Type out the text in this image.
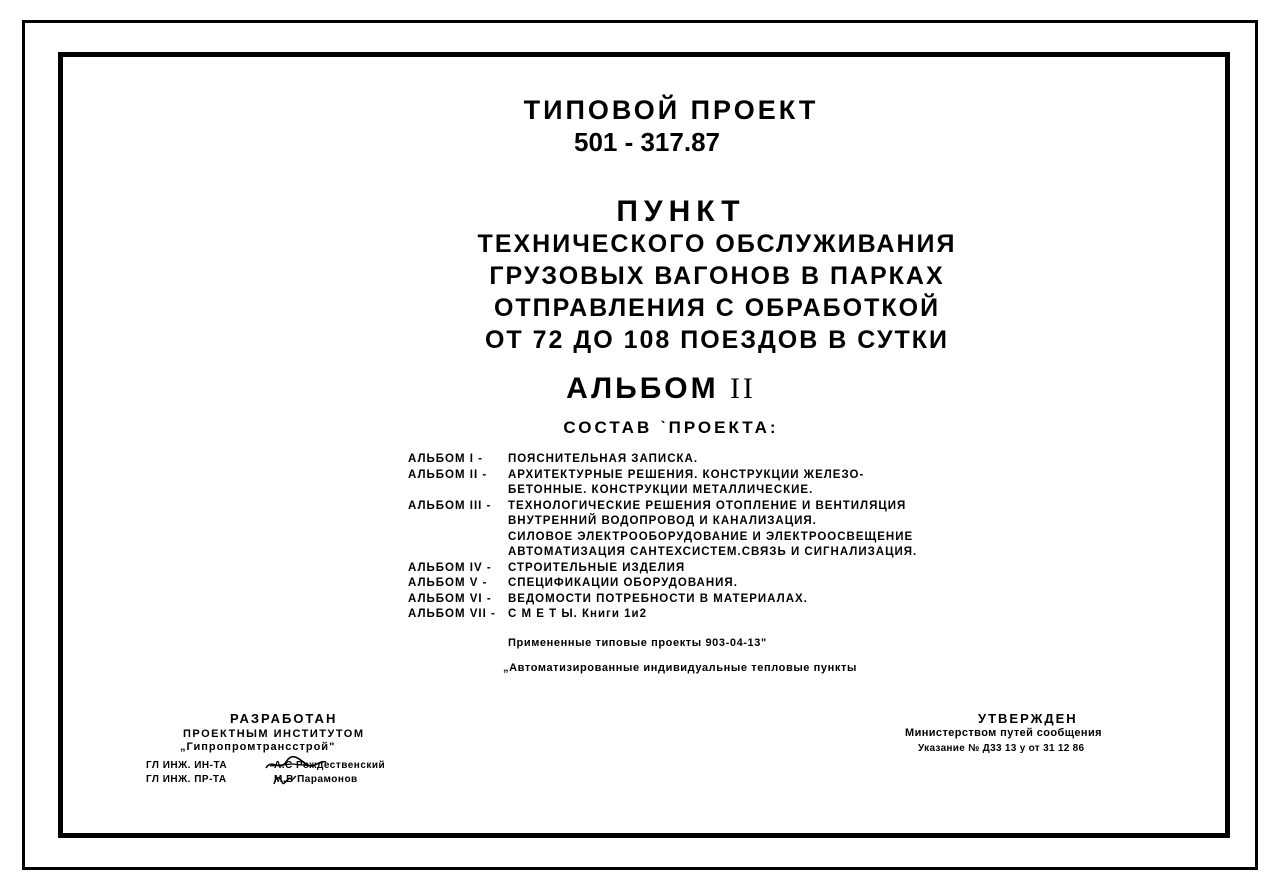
ТИПОВОЙ ПРОЕКТ
501 - 317.87
ПУНКТ
ТЕХНИЧЕСКОГО ОБСЛУЖИВАНИЯ
ГРУЗОВЫХ ВАГОНОВ В ПАРКАХ
ОТПРАВЛЕНИЯ С ОБРАБОТКОЙ
ОТ 72 ДО 108 ПОЕЗДОВ В СУТКИ
АЛЬБОМ II
СОСТАВ ˋПРОЕКТА:
АЛЬБОМ I -	ПОЯСНИТЕЛЬНАЯ ЗАПИСКА.
АЛЬБОМ II -	АРХИТЕКТУРНЫЕ РЕШЕНИЯ. КОНСТРУКЦИИ ЖЕЛЕЗО-
БЕТОННЫЕ. КОНСТРУКЦИИ МЕТАЛЛИЧЕСКИЕ.
АЛЬБОМ III -	ТЕХНОЛОГИЧЕСКИЕ РЕШЕНИЯ ОТОПЛЕНИЕ И ВЕНТИЛЯЦИЯ
ВНУТРЕННИЙ ВОДОПРОВОД И КАНАЛИЗАЦИЯ.
СИЛОВОЕ ЭЛЕКТРООБОРУДОВАНИЕ И ЭЛЕКТРООСВЕЩЕНИЕ
АВТОМАТИЗАЦИЯ САНТЕХСИСТЕМ.СВЯЗЬ И СИГНАЛИЗАЦИЯ.
АЛЬБОМ IV -	СТРОИТЕЛЬНЫЕ ИЗДЕЛИЯ
АЛЬБОМ V -	СПЕЦИФИКАЦИИ ОБОРУДОВАНИЯ.
АЛЬБОМ VI -	ВЕДОМОСТИ ПОТРЕБНОСТИ В МАТЕРИАЛАХ.
АЛЬБОМ VII -	С М Е Т Ы. Книги 1и2
Примененные типовые проекты 903-04-13"
„Автоматизированные индивидуальные тепловые пункты
РАЗРАБОТАН
ПРОЕКТНЫМ ИНСТИТУТОМ
„Гипропромтрансстрой"
ГЛ ИНЖ. ИН-ТА	А.С Рождественский
ГЛ ИНЖ. ПР-ТА	М.В Парамонов
УТВЕРЖДЕН
Министерством путей сообщения
Указание № Д33 13 у от 31 12 86
